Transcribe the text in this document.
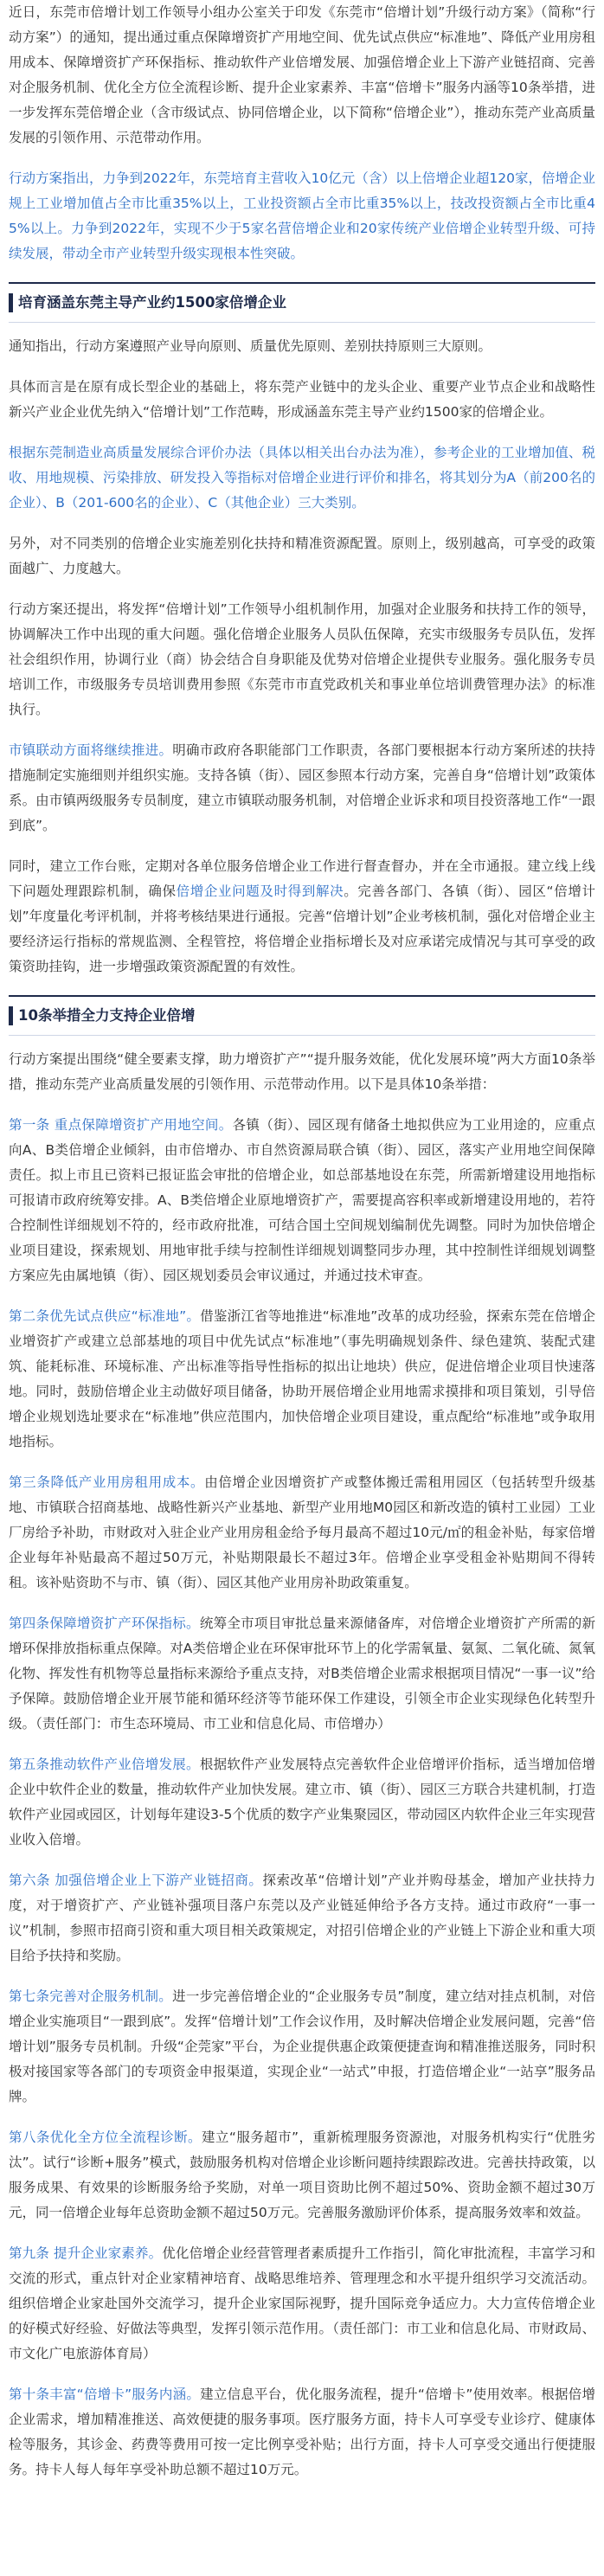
近日，东莞市倍增计划工作领导小组办公室关于印发《东莞市“倍增计划”升级行动方案》（简称“行动方案”）的通知，提出通过重点保障增资扩产用地空间、优先试点供应“标准地”、降低产业用房租用成本、保障增资扩产环保指标、推动软件产业倍增发展、加强倍增企业上下游产业链招商、完善对企服务机制、优化全方位全流程诊断、提升企业家素养、丰富“倍增卡”服务内涵等10条举措，进一步发挥东莞倍增企业（含市级试点、协同倍增企业，以下简称“倍增企业”），推动东莞产业高质量发展的引领作用、示范带动作用。

行动方案指出，力争到2022年，东莞培育主营收入10亿元（含）以上倍增企业超120家，倍增企业规上工业增加值占全市比重35%以上，工业投资额占全市比重35%以上，技改投资额占全市比重45%以上。力争到2022年，实现不少于5家名营倍增企业和20家传统产业倍增企业转型升级、可持续发展，带动全市产业转型升级实现根本性突破。

培育涵盖东莞主导产业约1500家倍增企业

通知指出，行动方案遵照产业导向原则、质量优先原则、差别扶持原则三大原则。

具体而言是在原有成长型企业的基础上，将东莞产业链中的龙头企业、重要产业节点企业和战略性新兴产业企业优先纳入“倍增计划”工作范畴，形成涵盖东莞主导产业约1500家的倍增企业。

根据东莞制造业高质量发展综合评价办法（具体以相关出台办法为准），参考企业的工业增加值、税收、用地规模、污染排放、研发投入等指标对倍增企业进行评价和排名，将其划分为A（前200名的企业）、B（201-600名的企业）、C（其他企业）三大类别。

另外，对不同类别的倍增企业实施差别化扶持和精准资源配置。原则上，级别越高，可享受的政策面越广、力度越大。

行动方案还提出，将发挥“倍增计划”工作领导小组机制作用，加强对企业服务和扶持工作的领导，协调解决工作中出现的重大问题。强化倍增企业服务人员队伍保障，充实市级服务专员队伍，发挥社会组织作用，协调行业（商）协会结合自身职能及优势对倍增企业提供专业服务。强化服务专员培训工作，市级服务专员培训费用参照《东莞市市直党政机关和事业单位培训费管理办法》的标准执行。

市镇联动方面将继续推进。明确市政府各职能部门工作职责，各部门要根据本行动方案所述的扶持措施制定实施细则并组织实施。支持各镇（街）、园区参照本行动方案，完善自身“倍增计划”政策体系。由市镇两级服务专员制度，建立市镇联动服务机制，对倍增企业诉求和项目投资落地工作“一跟到底”。

同时，建立工作台账，定期对各单位服务倍增企业工作进行督查督办，并在全市通报。建立线上线下问题处理跟踪机制，确保倍增企业问题及时得到解决。完善各部门、各镇（街）、园区“倍增计划”年度量化考评机制，并将考核结果进行通报。完善“倍增计划”企业考核机制，强化对倍增企业主要经济运行指标的常规监测、全程管控，将倍增企业指标增长及对应承诺完成情况与其可享受的政策资助挂钩，进一步增强政策资源配置的有效性。

10条举措全力支持企业倍增

行动方案提出围绕“健全要素支撑，助力增资扩产”“提升服务效能，优化发展环境”两大方面10条举措，推动东莞产业高质量发展的引领作用、示范带动作用。以下是具体10条举措：

第一条 重点保障增资扩产用地空间。各镇（街）、园区现有储备土地拟供应为工业用途的，应重点向A、B类倍增企业倾斜，由市倍增办、市自然资源局联合镇（街）、园区，落实产业用地空间保障责任。拟上市且已资料已报证监会审批的倍增企业，如总部基地设在东莞，所需新增建设用地指标可报请市政府统筹安排。A、B类倍增企业原地增资扩产，需要提高容积率或新增建设用地的，若符合控制性详细规划不符的，经市政府批准，可结合国土空间规划编制优先调整。同时为加快倍增企业项目建设，探索规划、用地审批手续与控制性详细规划调整同步办理，其中控制性详细规划调整方案应先由属地镇（街）、园区规划委员会审议通过，并通过技术审查。

第二条优先试点供应“标准地”。借鉴浙江省等地推进“标准地”改革的成功经验，探索东莞在倍增企业增资扩产或建立总部基地的项目中优先试点“标准地”（事先明确规划条件、绿色建筑、装配式建筑、能耗标准、环境标准、产出标准等指导性指标的拟出让地块）供应，促进倍增企业项目快速落地。同时，鼓励倍增企业主动做好项目储备，协助开展倍增企业用地需求摸排和项目策划，引导倍增企业规划选址要求在“标准地”供应范围内，加快倍增企业项目建设，重点配给“标准地”或争取用地指标。

第三条降低产业用房租用成本。由倍增企业因增资扩产或整体搬迁需租用园区（包括转型升级基地、市镇联合招商基地、战略性新兴产业基地、新型产业用地M0园区和新改造的镇村工业园）工业厂房给予补助，市财政对入驻企业产业用房租金给予每月最高不超过10元/㎡的租金补贴，每家倍增企业每年补贴最高不超过50万元，补贴期限最长不超过3年。倍增企业享受租金补贴期间不得转租。该补贴资助不与市、镇（街）、园区其他产业用房补助政策重复。

第四条保障增资扩产环保指标。统筹全市项目审批总量来源储备库，对倍增企业增资扩产所需的新增环保排放指标重点保障。对A类倍增企业在环保审批环节上的化学需氧量、氨氮、二氧化硫、氮氧化物、挥发性有机物等总量指标来源给予重点支持，对B类倍增企业需求根据项目情况“一事一议”给予保障。鼓励倍增企业开展节能和循环经济等节能环保工作建设，引领全市企业实现绿色化转型升级。（责任部门：市生态环境局、市工业和信息化局、市倍增办）

第五条推动软件产业倍增发展。根据软件产业发展特点完善软件企业倍增评价指标，适当增加倍增企业中软件企业的数量，推动软件产业加快发展。建立市、镇（街）、园区三方联合共建机制，打造软件产业园或园区，计划每年建设3-5个优质的数字产业集聚园区，带动园区内软件企业三年实现营业收入倍增。

第六条 加强倍增企业上下游产业链招商。探索改革“倍增计划”产业并购母基金，增加产业扶持力度，对于增资扩产、产业链补强项目落户东莞以及产业链延伸给予各方支持。通过市政府“一事一议”机制，参照市招商引资和重大项目相关政策规定，对招引倍增企业的产业链上下游企业和重大项目给予扶持和奖励。

第七条完善对企服务机制。进一步完善倍增企业的“企业服务专员”制度，建立结对挂点机制，对倍增企业实施项目“一跟到底”。发挥“倍增计划”工作会议作用，及时解决倍增企业发展问题，完善“倍增计划”服务专员机制。升级“企莞家”平台，为企业提供惠企政策便捷查询和精准推送服务，同时积极对接国家等各部门的专项资金申报渠道，实现企业“一站式”申报，打造倍增企业“一站享”服务品牌。

第八条优化全方位全流程诊断。建立“服务超市”，重新梳理服务资源池，对服务机构实行“优胜劣汰”。试行“诊断+服务”模式，鼓励服务机构对倍增企业诊断问题持续跟踪改进。完善扶持政策，以服务成果、有效果的诊断服务给予奖励，对单一项目资助比例不超过50%、资助金额不超过30万元，同一倍增企业每年总资助金额不超过50万元。完善服务激励评价体系，提高服务效率和效益。

第九条 提升企业家素养。优化倍增企业经营管理者素质提升工作指引，简化审批流程，丰富学习和交流的形式，重点针对企业家精神培育、战略思维培养、管理理念和水平提升组织学习交流活动。组织倍增企业家赴国外交流学习，提升企业家国际视野，提升国际竞争适应力。大力宣传倍增企业的好模式好经验、好做法等典型，发挥引领示范作用。（责任部门：市工业和信息化局、市财政局、市文化广电旅游体育局）

第十条丰富“倍增卡”服务内涵。建立信息平台，优化服务流程，提升“倍增卡”使用效率。根据倍增企业需求，增加精准推送、高效便捷的服务事项。医疗服务方面，持卡人可享受专业诊疗、健康体检等服务，其诊金、药费等费用可按一定比例享受补贴；出行方面，持卡人可享受交通出行便捷服务。持卡人每人每年享受补助总额不超过10万元。
